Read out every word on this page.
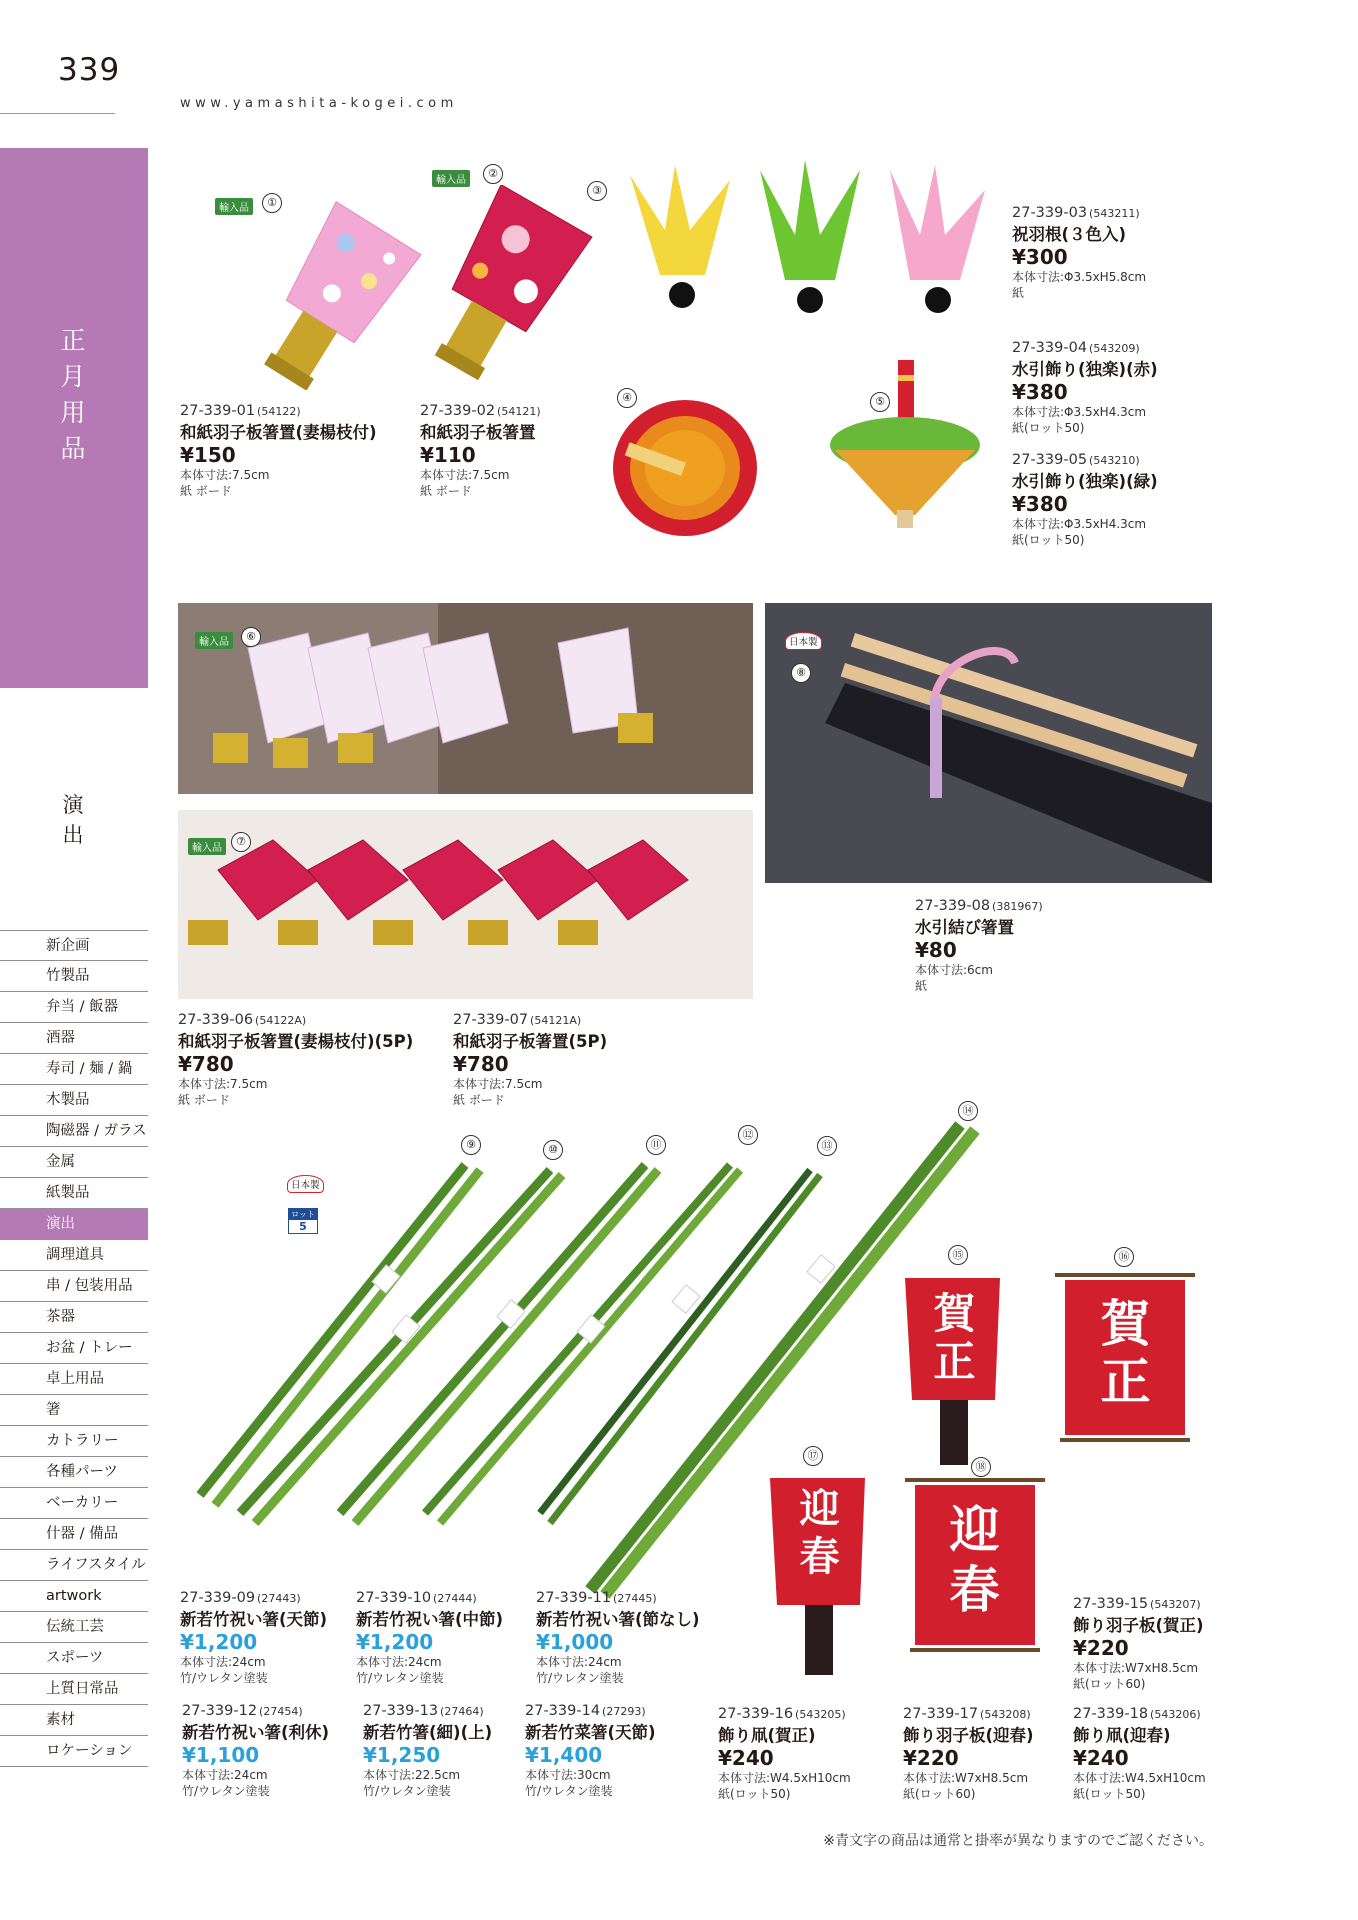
339
www.yamashita-kogei.com
正
月
用
品
演
出
新企画
竹製品
弁当 / 飯器
酒器
寿司 / 麺 / 鍋
木製品
陶磁器 / ガラス
金属
紙製品
演出
調理道具
串 / 包装用品
茶器
お盆 / トレー
卓上用品
箸
カトラリー
各種パーツ
ベーカリー
什器 / 備品
ライフスタイル
artwork
伝統工芸
スポーツ
上質日常品
素材
ロケーション
①
②
③
④	⑤
輸入品
輸入品
27-339-01 (54122)
和紙羽子板箸置(妻楊枝付)
¥150
本体寸法:7.5cm
紙 ボード
27-339-02 (54121)
和紙羽子板箸置
¥110
本体寸法:7.5cm
紙 ボード
27-339-03 (543211)
祝羽根(３色入)
¥300
本体寸法:Φ3.5xH5.8cm
紙
27-339-04 (543209)
水引飾り(独楽)(赤)
¥380
本体寸法:Φ3.5xH4.3cm
紙(ロット50)
27-339-05 (543210)
水引飾り(独楽)(緑)
¥380
本体寸法:Φ3.5xH4.3cm
紙(ロット50)
輸入品	⑥
輸入品
⑦
日本製
⑧
27-339-06 (54122A)
和紙羽子板箸置(妻楊枝付)(5P)
¥780
本体寸法:7.5cm
紙 ボード
27-339-07 (54121A)
和紙羽子板箸置(5P)
¥780
本体寸法:7.5cm
紙 ボード
27-339-08 (381967)
水引結び箸置
¥80
本体寸法:6cm
紙
日本製
ロット
5
⑨	⑩	⑪
⑫
⑬
⑭
賀
正
賀
正
迎
春	迎
春
⑮	⑯
⑰
⑱
27-339-09 (27443)
新若竹祝い箸(天節)
¥1,200
本体寸法:24cm
竹/ウレタン塗装
27-339-10 (27444)
新若竹祝い箸(中節)
¥1,200
本体寸法:24cm
竹/ウレタン塗装
27-339-11 (27445)
新若竹祝い箸(節なし)
¥1,000
本体寸法:24cm
竹/ウレタン塗装
27-339-15 (543207)
飾り羽子板(賀正)
¥220
本体寸法:W7xH8.5cm
紙(ロット60)
27-339-12 (27454)
新若竹祝い箸(利休)
¥1,100
本体寸法:24cm
竹/ウレタン塗装
27-339-13 (27464)
新若竹箸(細)(上)
¥1,250
本体寸法:22.5cm
竹/ウレタン塗装
27-339-14 (27293)
新若竹菜箸(天節)
¥1,400
本体寸法:30cm
竹/ウレタン塗装
27-339-16 (543205)
飾り凧(賀正)
¥240
本体寸法:W4.5xH10cm
紙(ロット50)
27-339-17 (543208)
飾り羽子板(迎春)
¥220
本体寸法:W7xH8.5cm
紙(ロット60)
27-339-18 (543206)
飾り凧(迎春)
¥240
本体寸法:W4.5xH10cm
紙(ロット50)
※青文字の商品は通常と掛率が異なりますのでご認ください。
